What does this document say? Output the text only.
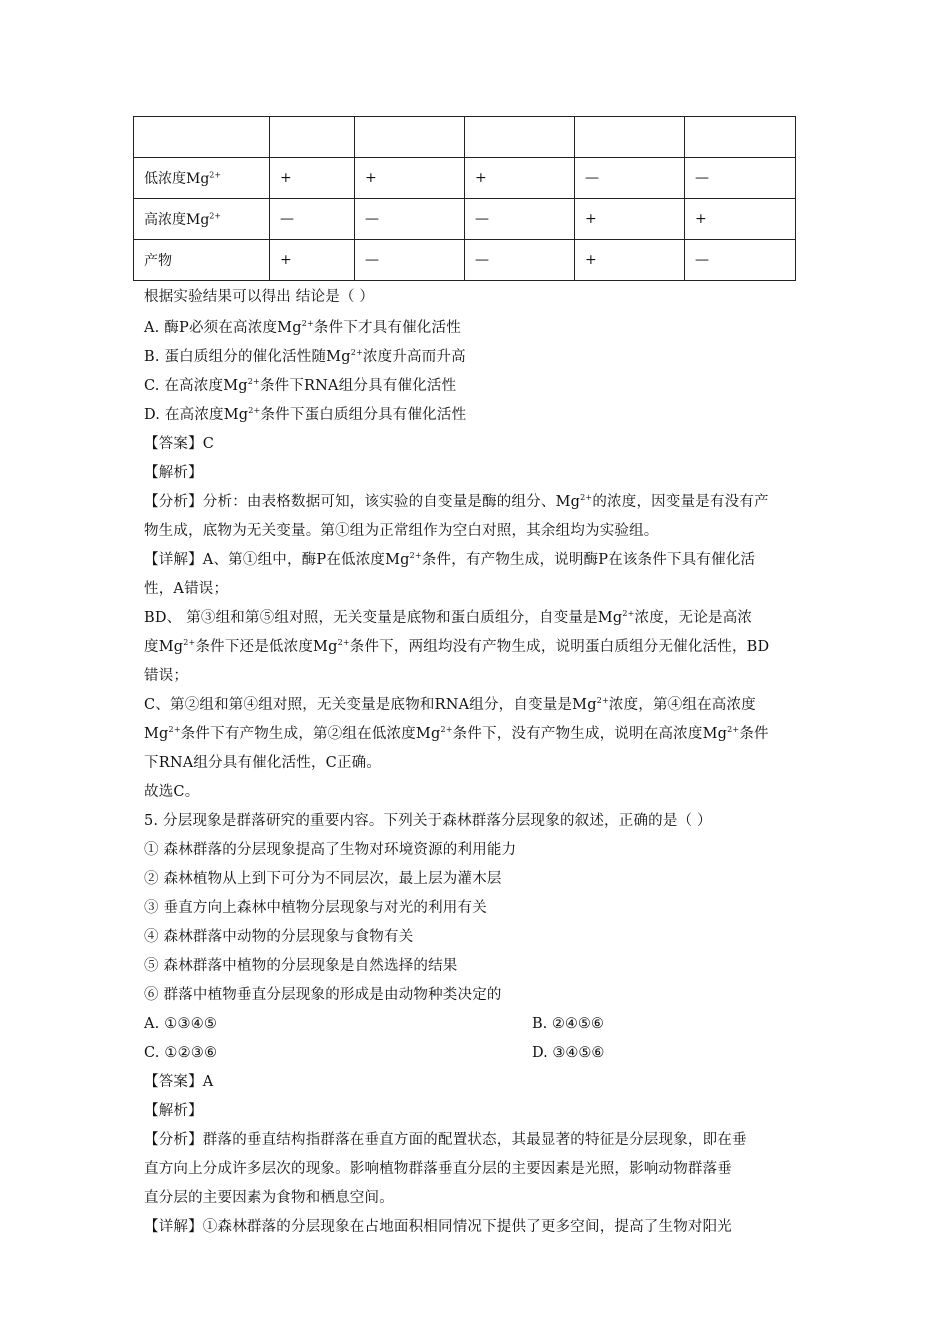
低浓度$Mg^{2+}$	+	+	+	—	—
高浓度$Mg^{2+}$	—	—	—	+	+
产物	+	—	—	+	—
根据实验结果可以得出 结论是（ ）
A. 酶P必须在高浓度$Mg^{2+}$条件下才具有催化活性
B. 蛋白质组分的催化活性随$Mg^{2+}$浓度升高而升高
C. 在高浓度$Mg^{2+}$条件下RNA组分具有催化活性
D. 在高浓度$Mg^{2+}$条件下蛋白质组分具有催化活性
【答案】C
【解析】
【分析】分析：由表格数据可知，该实验的自变量是酶的组分、$Mg^{2+}$的浓度，因变量是有没有产
物生成，底物为无关变量。第①组为正常组作为空白对照，其余组均为实验组。
【详解】A、第①组中，酶P在低浓度$Mg^{2+}$条件，有产物生成，说明酶P在该条件下具有催化活
性，A错误；
BD、 第③组和第⑤组对照，无关变量是底物和蛋白质组分，自变量是$Mg^{2+}$浓度，无论是高浓
度$Mg^{2+}$条件下还是低浓度$Mg^{2+}$条件下，两组均没有产物生成，说明蛋白质组分无催化活性，BD
错误；
C、第②组和第④组对照，无关变量是底物和RNA组分，自变量是$Mg^{2+}$浓度，第④组在高浓度
$Mg^{2+}$条件下有产物生成，第②组在低浓度$Mg^{2+}$条件下，没有产物生成，说明在高浓度$Mg^{2+}$条件
下RNA组分具有催化活性，C正确。
故选C。
5. 分层现象是群落研究的重要内容。下列关于森林群落分层现象的叙述，正确的是（ ）
① 森林群落的分层现象提高了生物对环境资源的利用能力
② 森林植物从上到下可分为不同层次，最上层为灌木层
③ 垂直方向上森林中植物分层现象与对光的利用有关
④ 森林群落中动物的分层现象与食物有关
⑤ 森林群落中植物的分层现象是自然选择的结果
⑥ 群落中植物垂直分层现象的形成是由动物种类决定的
A. ①③④⑤	B. ②④⑤⑥
C. ①②③⑥	D. ③④⑤⑥
【答案】A
【解析】
【分析】群落的垂直结构指群落在垂直方面的配置状态，其最显著的特征是分层现象，即在垂
直方向上分成许多层次的现象。影响植物群落垂直分层的主要因素是光照，影响动物群落垂
直分层的主要因素为食物和栖息空间。
【详解】①森林群落的分层现象在占地面积相同情况下提供了更多空间，提高了生物对阳光
